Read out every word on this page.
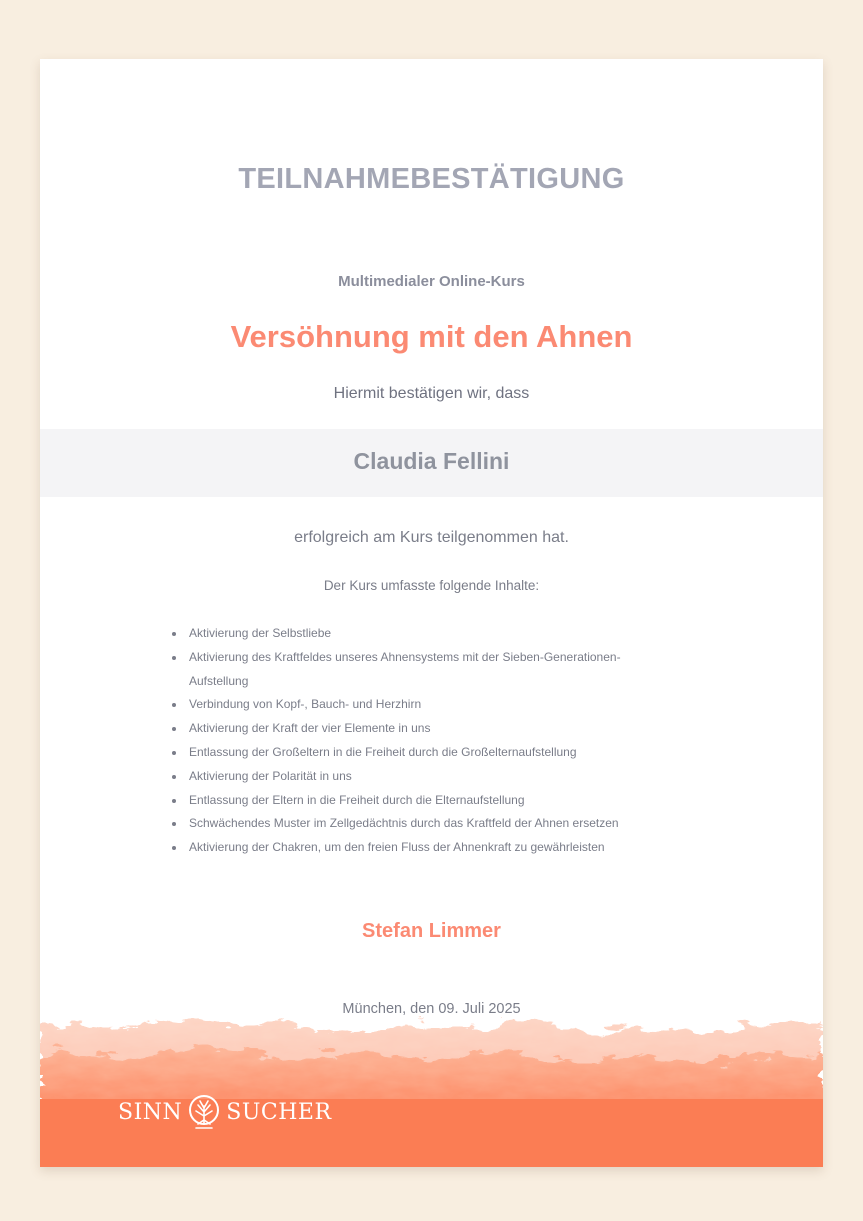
TEILNAHMEBESTÄTIGUNG
Multimedialer Online-Kurs
Versöhnung mit den Ahnen
Hiermit bestätigen wir, dass
Claudia Fellini
erfolgreich am Kurs teilgenommen hat.
Der Kurs umfasste folgende Inhalte:
Aktivierung der Selbstliebe
Aktivierung des Kraftfeldes unseres Ahnensystems mit der Sieben-Generationen-Aufstellung
Verbindung von Kopf-, Bauch- und Herzhirn
Aktivierung der Kraft der vier Elemente in uns
Entlassung der Großeltern in die Freiheit durch die Großelternaufstellung
Aktivierung der Polarität in uns
Entlassung der Eltern in die Freiheit durch die Elternaufstellung
Schwächendes Muster im Zellgedächtnis durch das Kraftfeld der Ahnen ersetzen
Aktivierung der Chakren, um den freien Fluss der Ahnenkraft zu gewährleisten
Stefan Limmer
München, den 09. Juli 2025
SINN SUCHER
